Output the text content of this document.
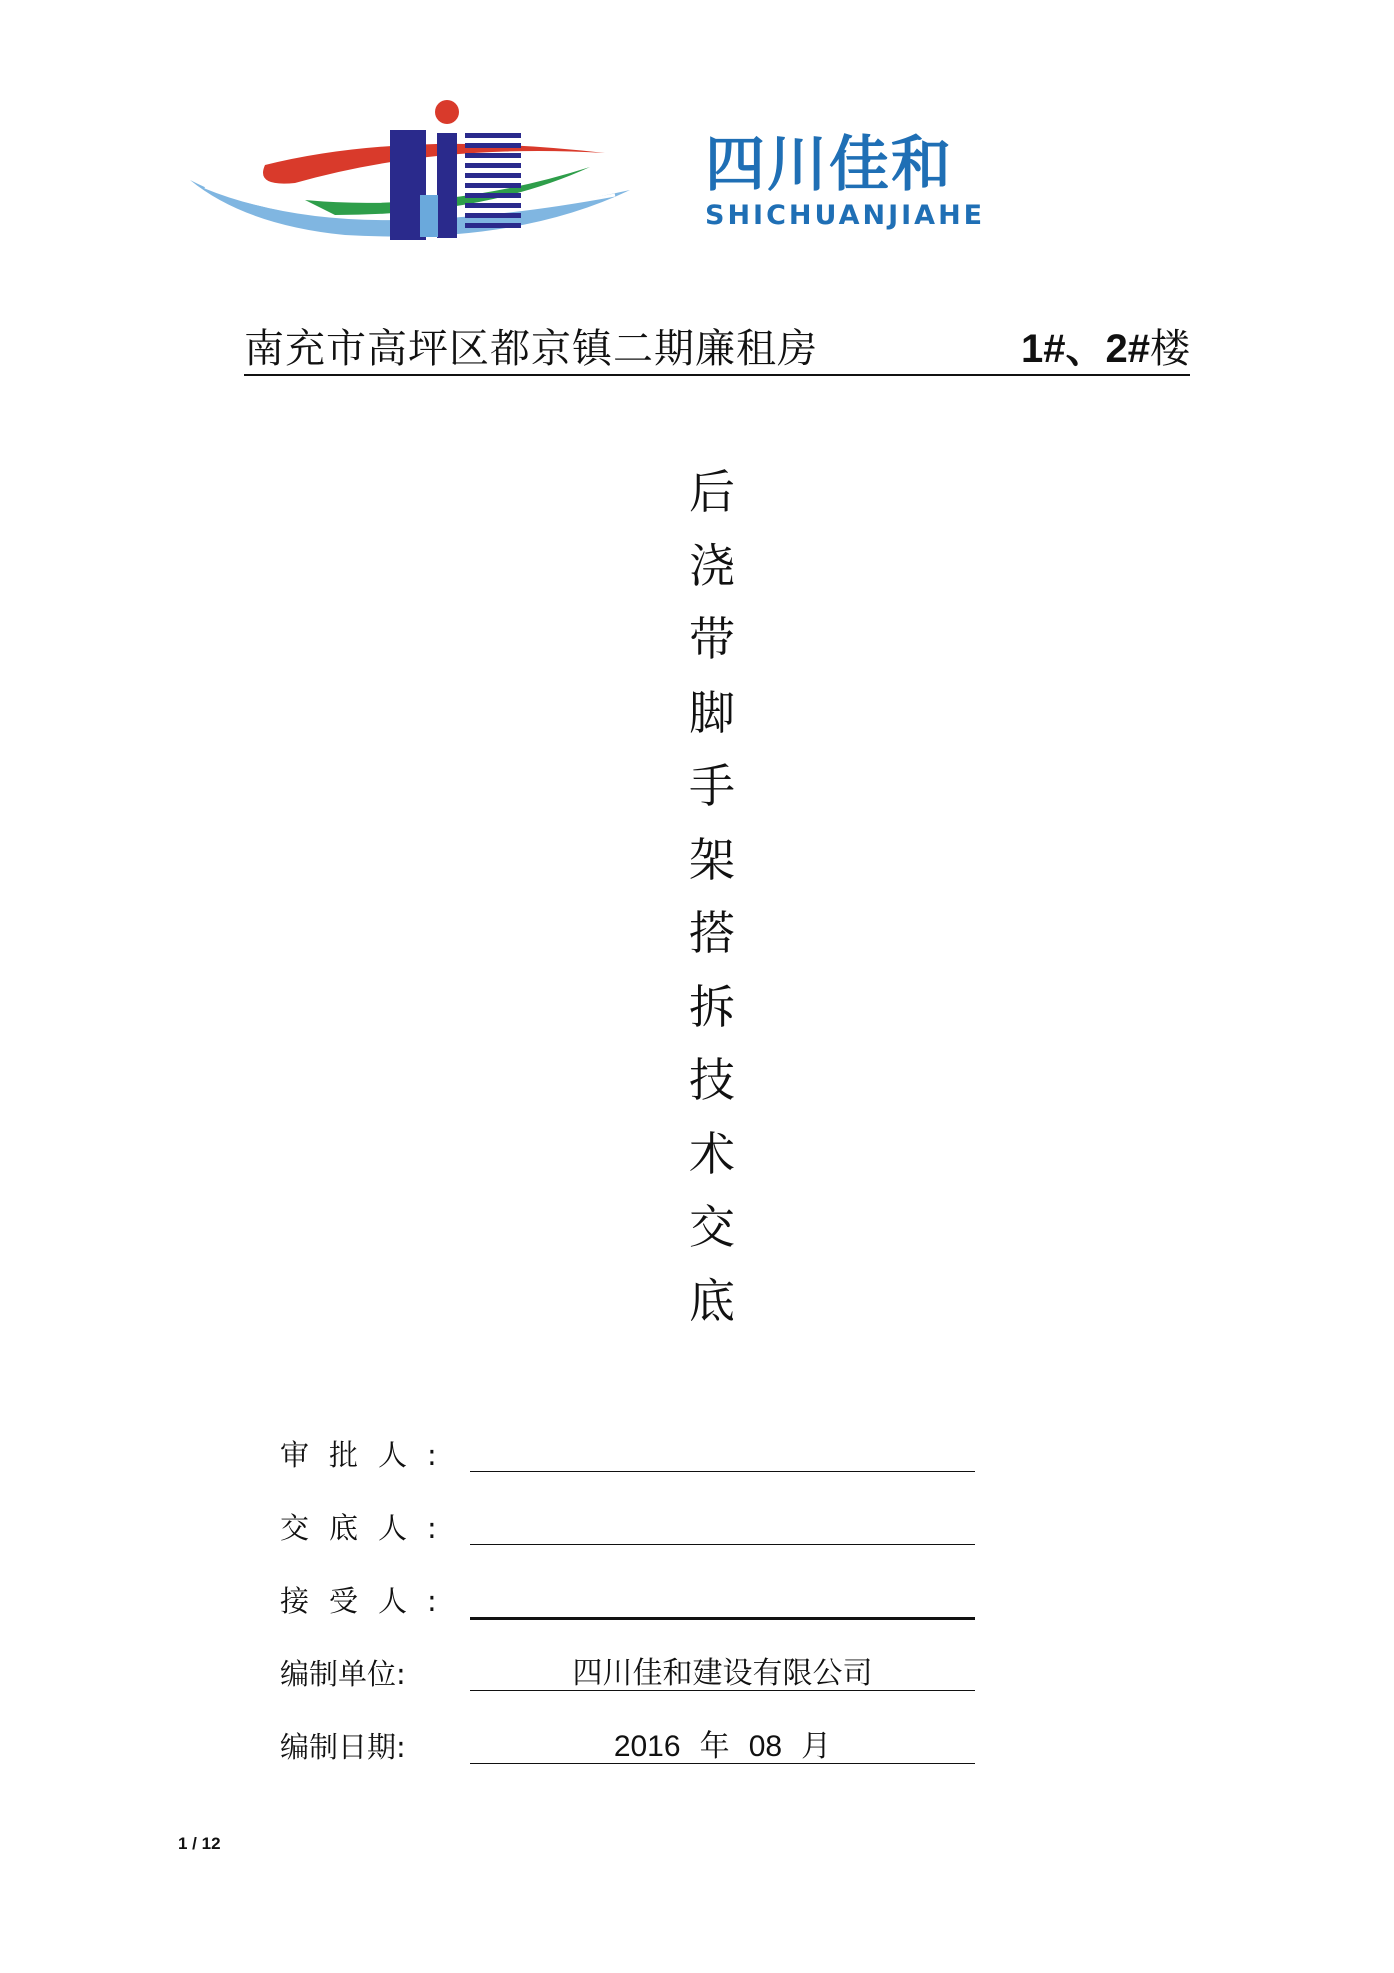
四川佳和
SHICHUANJIAHE
南充市高坪区都京镇二期廉租房	1#、2#楼
后
浇
带
脚
手
架
搭
拆
技
术
交
底
审批人:
交底人:
接受人:
编制单位:	四川佳和建设有限公司
编制日期:	2016 年 08 月
1 / 12
